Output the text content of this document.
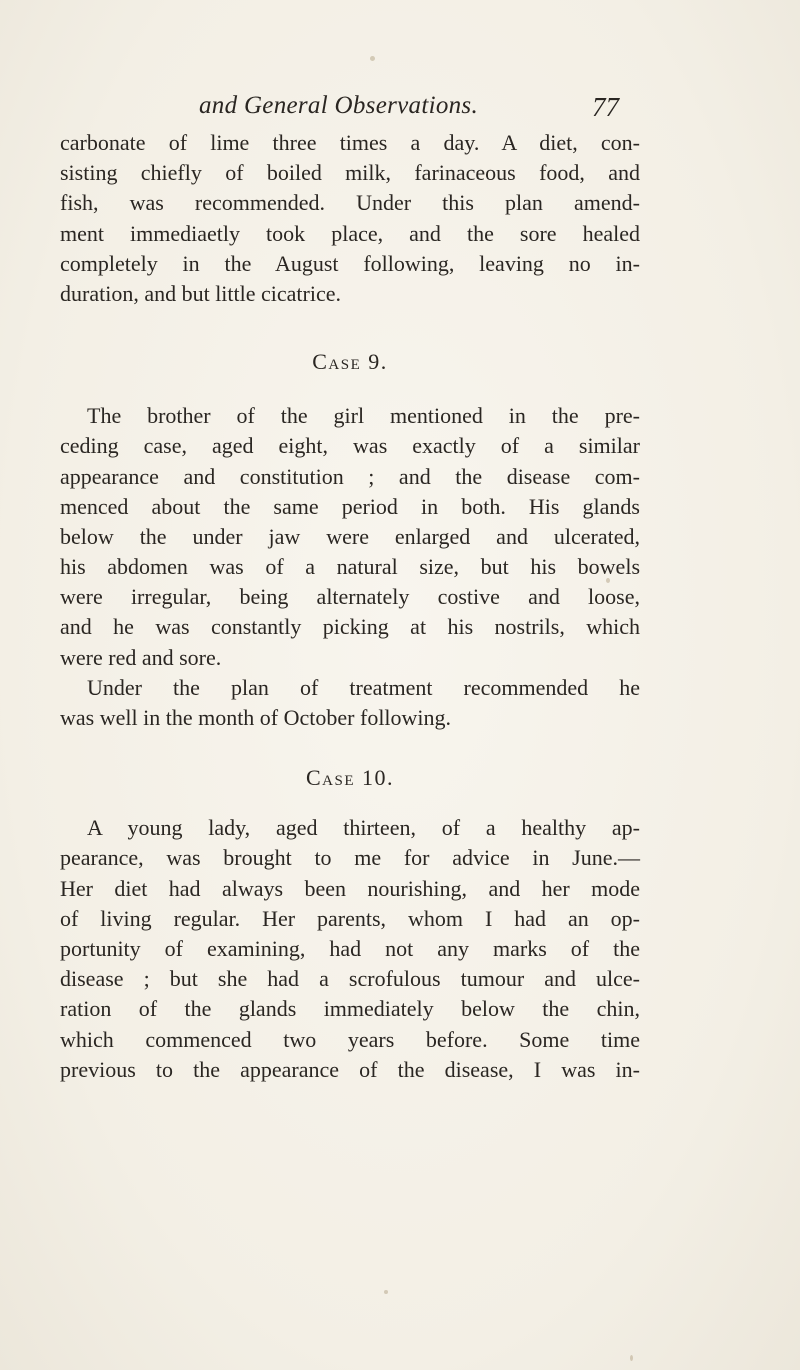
and General Observations.	77
carbonate of lime three times a day. A diet, con-
sisting chiefly of boiled milk, farinaceous food, and
fish, was recommended. Under this plan amend-
ment immediaetly took place, and the sore healed
completely in the August following, leaving no in-
duration, and but little cicatrice.
Case 9.
The brother of the girl mentioned in the pre-
ceding case, aged eight, was exactly of a similar
appearance and constitution ; and the disease com-
menced about the same period in both. His glands
below the under jaw were enlarged and ulcerated,
his abdomen was of a natural size, but his bowels
were irregular, being alternately costive and loose,
and he was constantly picking at his nostrils, which
were red and sore.
Under the plan of treatment recommended he
was well in the month of October following.
Case 10.
A young lady, aged thirteen, of a healthy ap-
pearance, was brought to me for advice in June.—
Her diet had always been nourishing, and her mode
of living regular. Her parents, whom I had an op-
portunity of examining, had not any marks of the
disease ; but she had a scrofulous tumour and ulce-
ration of the glands immediately below the chin,
which commenced two years before. Some time
previous to the appearance of the disease, I was in-
